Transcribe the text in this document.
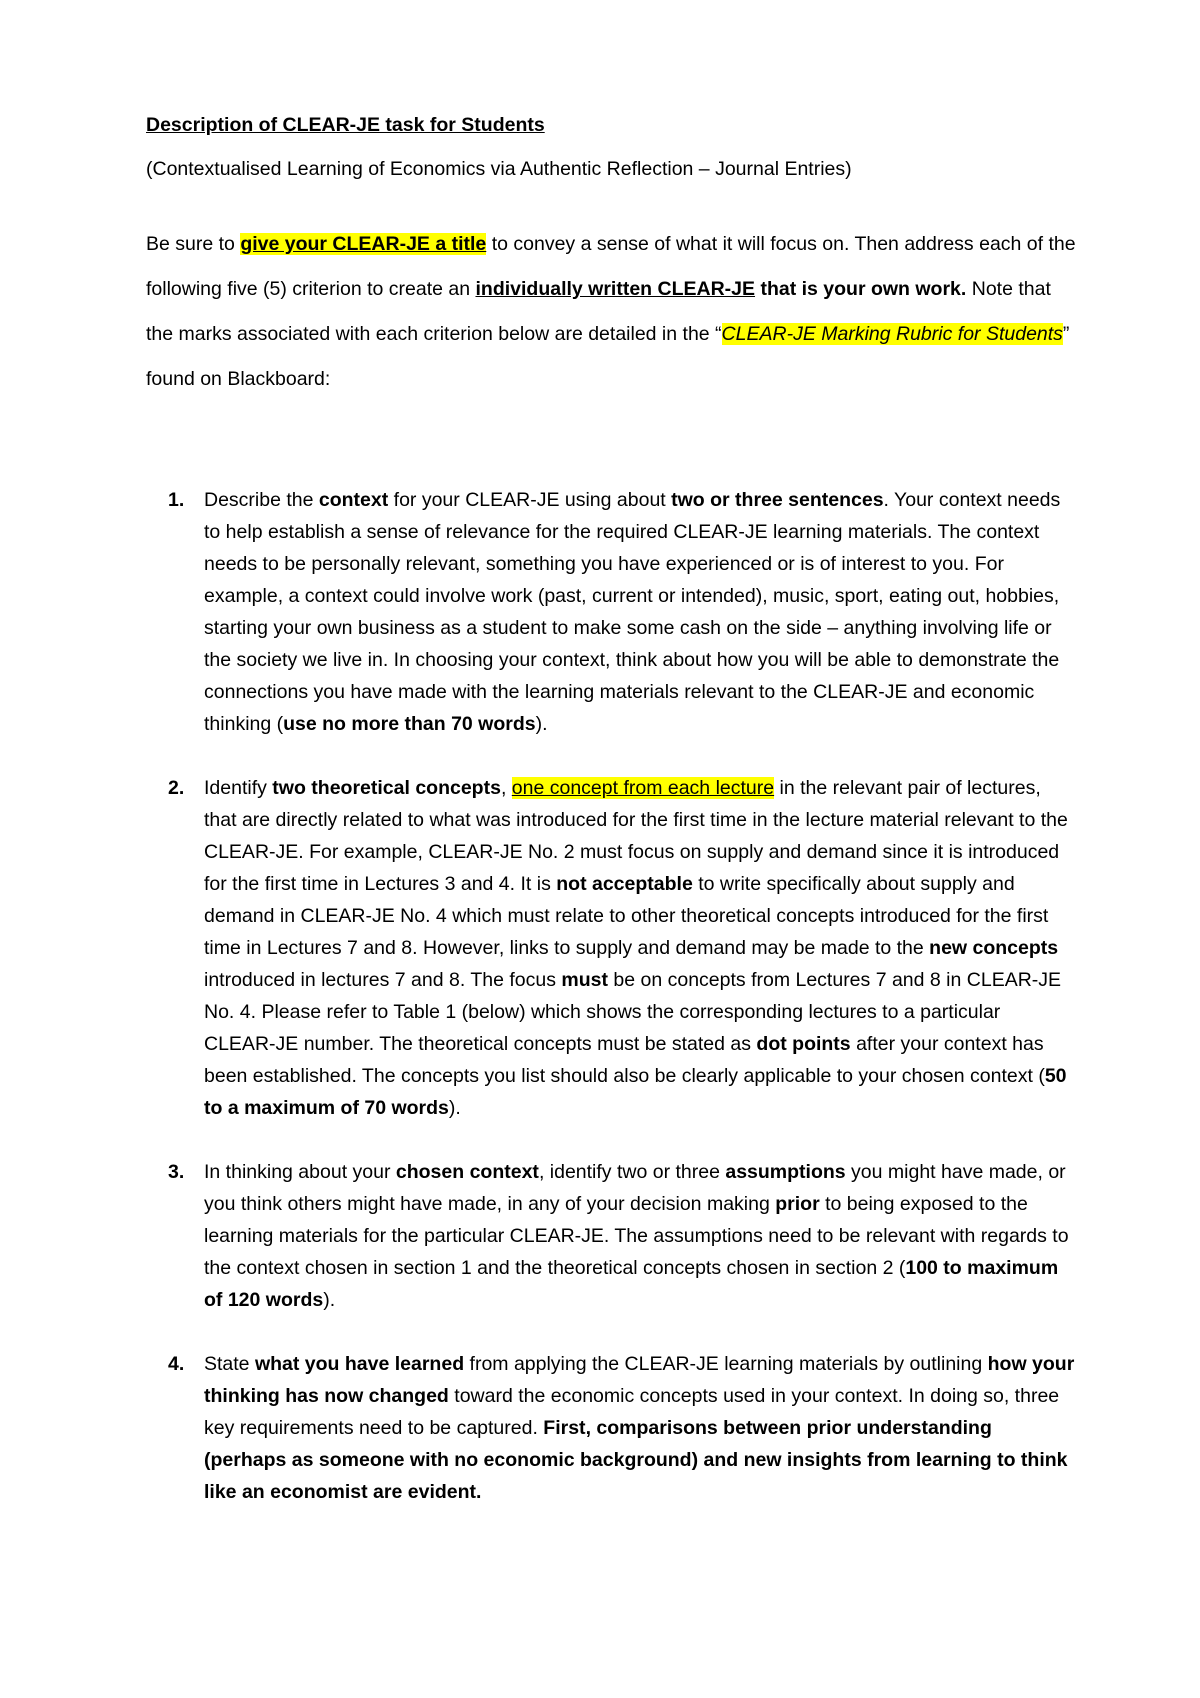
Description of CLEAR-JE task for Students
(Contextualised Learning of Economics via Authentic Reflection – Journal Entries)

Be sure to give your CLEAR-JE a title to convey a sense of what it will focus on. Then address each of the following five (5) criterion to create an individually written CLEAR-JE that is your own work. Note that the marks associated with each criterion below are detailed in the “CLEAR-JE Marking Rubric for Students” found on Blackboard:

1. Describe the context for your CLEAR-JE using about two or three sentences. Your context needs to help establish a sense of relevance for the required CLEAR-JE learning materials. The context needs to be personally relevant, something you have experienced or is of interest to you. For example, a context could involve work (past, current or intended), music, sport, eating out, hobbies, starting your own business as a student to make some cash on the side – anything involving life or the society we live in. In choosing your context, think about how you will be able to demonstrate the connections you have made with the learning materials relevant to the CLEAR-JE and economic thinking (use no more than 70 words).

2. Identify two theoretical concepts, one concept from each lecture in the relevant pair of lectures, that are directly related to what was introduced for the first time in the lecture material relevant to the CLEAR-JE. For example, CLEAR-JE No. 2 must focus on supply and demand since it is introduced for the first time in Lectures 3 and 4. It is not acceptable to write specifically about supply and demand in CLEAR-JE No. 4 which must relate to other theoretical concepts introduced for the first time in Lectures 7 and 8. However, links to supply and demand may be made to the new concepts introduced in lectures 7 and 8. The focus must be on concepts from Lectures 7 and 8 in CLEAR-JE No. 4. Please refer to Table 1 (below) which shows the corresponding lectures to a particular CLEAR-JE number. The theoretical concepts must be stated as dot points after your context has been established. The concepts you list should also be clearly applicable to your chosen context (50 to a maximum of 70 words).

3. In thinking about your chosen context, identify two or three assumptions you might have made, or you think others might have made, in any of your decision making prior to being exposed to the learning materials for the particular CLEAR-JE. The assumptions need to be relevant with regards to the context chosen in section 1 and the theoretical concepts chosen in section 2 (100 to maximum of 120 words).

4. State what you have learned from applying the CLEAR-JE learning materials by outlining how your thinking has now changed toward the economic concepts used in your context. In doing so, three key requirements need to be captured. First, comparisons between prior understanding (perhaps as someone with no economic background) and new insights from learning to think like an economist are evident.
